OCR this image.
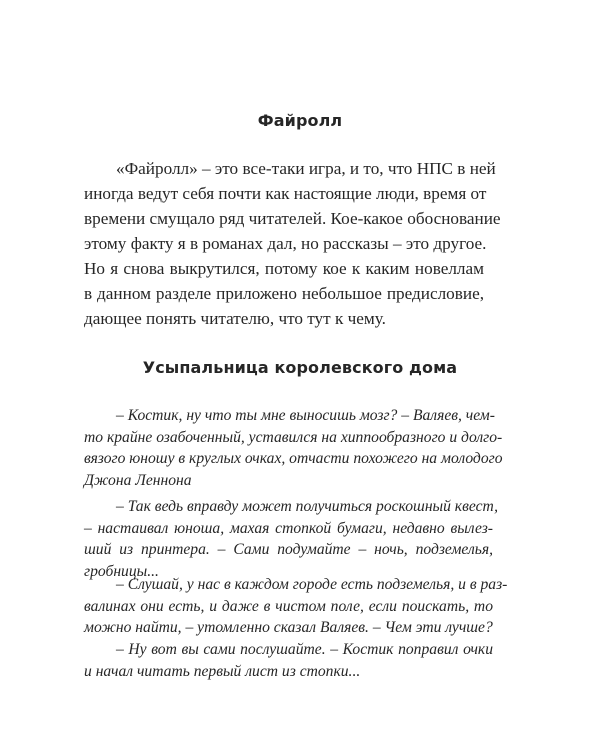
Файролл
«Файролл» – это все-таки игра, и то, что НПС в ней
иногда ведут себя почти как настоящие люди, время от
времени смущало ряд читателей. Кое-какое обоснование
этому факту я в романах дал, но рассказы – это другое.
Но я снова выкрутился, потому кое к каким новеллам
в данном разделе приложено небольшое предисловие,
дающее понять читателю, что тут к чему.
Усыпальница королевского дома
– Костик, ну что ты мне выносишь мозг? – Валяев, чем-
то крайне озабоченный, уставился на хиппообразного и долго-
вязого юношу в круглых очках, отчасти похожего на молодого
Джона Леннона
– Так ведь вправду может получиться роскошный квест,
– настаивал юноша, махая стопкой бумаги, недавно вылез-
ший из принтера. – Сами подумайте – ночь, подземелья,
гробницы...
– Слушай, у нас в каждом городе есть подземелья, и в раз-
валинах они есть, и даже в чистом поле, если поискать, то
можно найти, – утомленно сказал Валяев. – Чем эти лучше?
– Ну вот вы сами послушайте. – Костик поправил очки
и начал читать первый лист из стопки...
